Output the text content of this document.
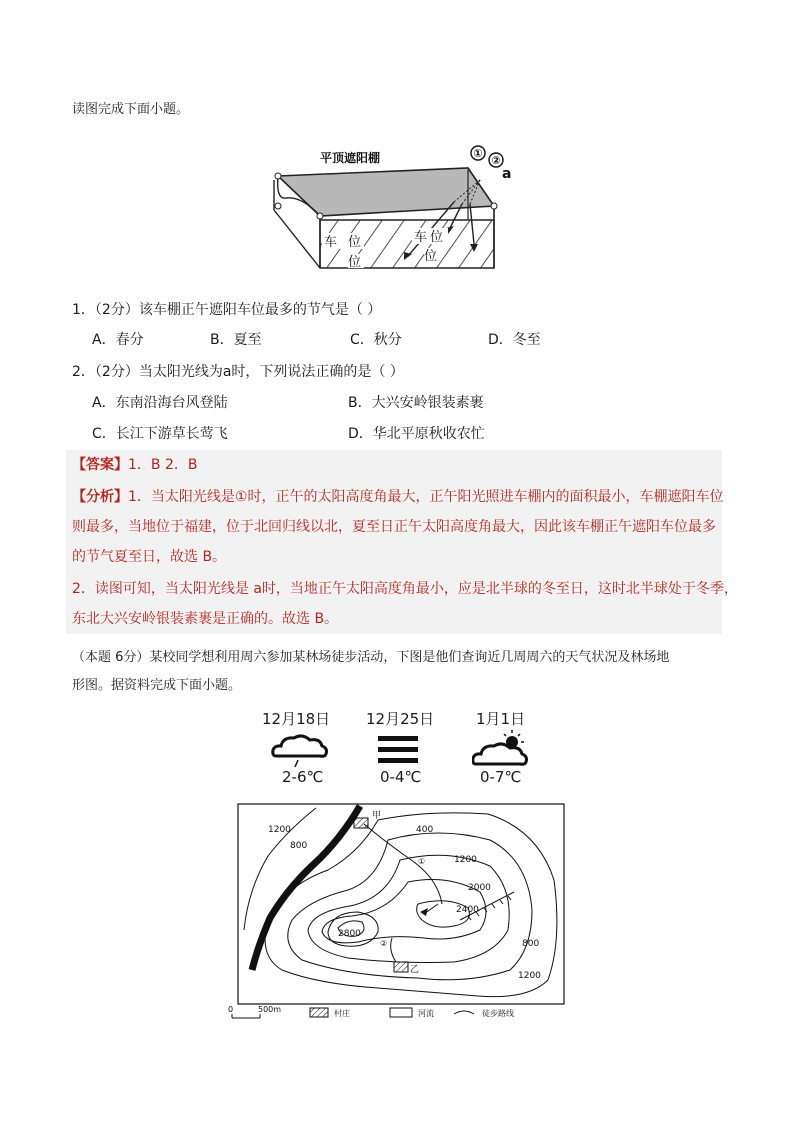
读图完成下面小题。
平顶遮阳棚	①
②
a
车 位	车 位
位	位
1．（2分）该车棚正午遮阳车位最多的节气是（ ）
A．春分	B．夏至	C．秋分	D．冬至
2．（2分）当太阳光线为a时，下列说法正确的是（ ）
A．东南沿海台风登陆	B．大兴安岭银装素裹
C．长江下游草长莺飞	D．华北平原秋收农忙
【答案】1．B 2．B
【分析】1．当太阳光线是①时，正午的太阳高度角最大，正午阳光照进车棚内的面积最小，车棚遮阳车位
则最多，当地位于福建，位于北回归线以北，夏至日正午太阳高度角最大，因此该车棚正午遮阳车位最多
的节气夏至日，故选 B。
2．读图可知，当太阳光线是 a时，当地正午太阳高度角最小，应是北半球的冬至日，这时北半球处于冬季，
东北大兴安岭银装素裹是正确的。故选 B。
（本题 6分）某校同学想利用周六参加某林场徒步活动，下图是他们查询近几周周六的天气状况及林场地
形图。据资料完成下面小题。
12月18日 12月25日	1月1日
2-6℃	0-4℃	0-7℃
1200
800
400
1200
2000
2400
2800
800
1200
甲
乙
①
②
0	500m	村庄	河流	徒步路线
